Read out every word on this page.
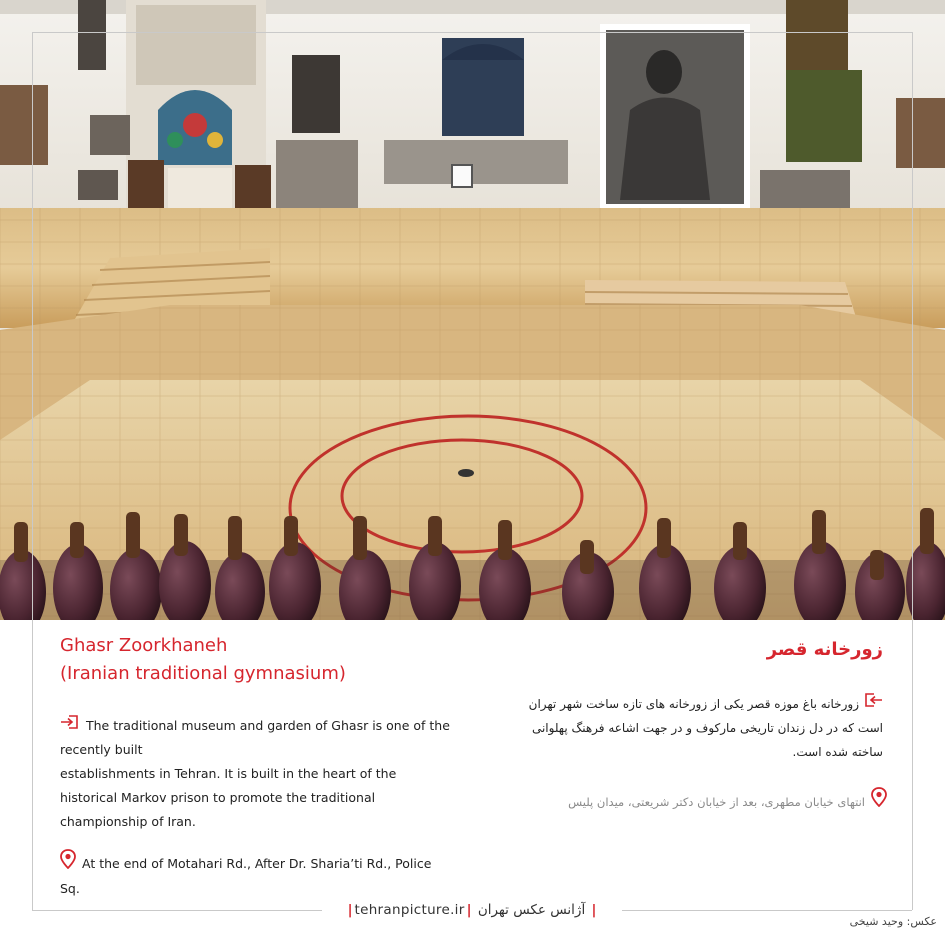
Ghasr Zoorkhaneh
(Iranian traditional gymnasium)
زورخانه قصر
The traditional museum and garden of Ghasr is one of the recently built
establishments in Tehran. It is built in the heart of the historical Markov prison to promote the traditional championship of Iran.
At the end of Motahari Rd., After Dr. Sharia’ti Rd., Police Sq.
زورخانه باغ موزه قصر یکی از زورخانه های تازه ساخت شهر تهران است که در دل زندان تاریخی مارکوف و در جهت اشاعه فرهنگ پهلوانی ساخته شده است.
انتهای خیابان مطهری، بعد از خیابان دکتر شریعتی، میدان پلیس
| tehranpicture.ir | آژانس عکس تهران |
عکس: وحید شیخی
